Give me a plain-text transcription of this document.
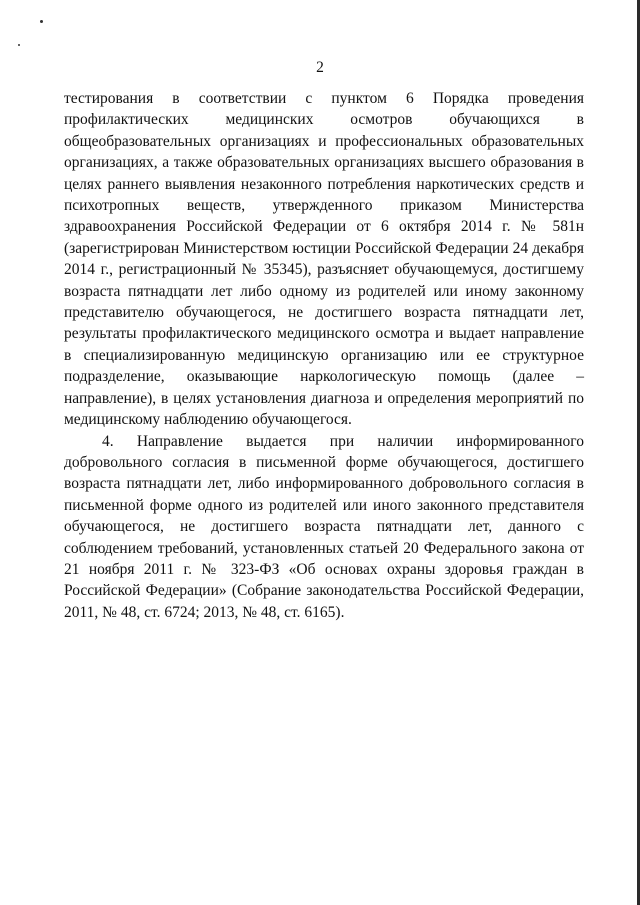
2

тестирования в соответствии с пунктом 6 Порядка проведения профилактических медицинских осмотров обучающихся в общеобразовательных организациях и профессиональных образовательных организациях, а также образовательных организациях высшего образования в целях раннего выявления незаконного потребления наркотических средств и психотропных веществ, утвержденного приказом Министерства здравоохранения Российской Федерации от 6 октября 2014 г. № 581н (зарегистрирован Министерством юстиции Российской Федерации 24 декабря 2014 г., регистрационный № 35345), разъясняет обучающемуся, достигшему возраста пятнадцати лет либо одному из родителей или иному законному представителю обучающегося, не достигшего возраста пятнадцати лет, результаты профилактического медицинского осмотра и выдает направление в специализированную медицинскую организацию или ее структурное подразделение, оказывающие наркологическую помощь (далее – направление), в целях установления диагноза и определения мероприятий по медицинскому наблюдению обучающегося.

4. Направление выдается при наличии информированного добровольного согласия в письменной форме обучающегося, достигшего возраста пятнадцати лет, либо информированного добровольного согласия в письменной форме одного из родителей или иного законного представителя обучающегося, не достигшего возраста пятнадцати лет, данного с соблюдением требований, установленных статьей 20 Федерального закона от 21 ноября 2011 г. № 323-ФЗ «Об основах охраны здоровья граждан в Российской Федерации» (Собрание законодательства Российской Федерации, 2011, № 48, ст. 6724; 2013, № 48, ст. 6165).
